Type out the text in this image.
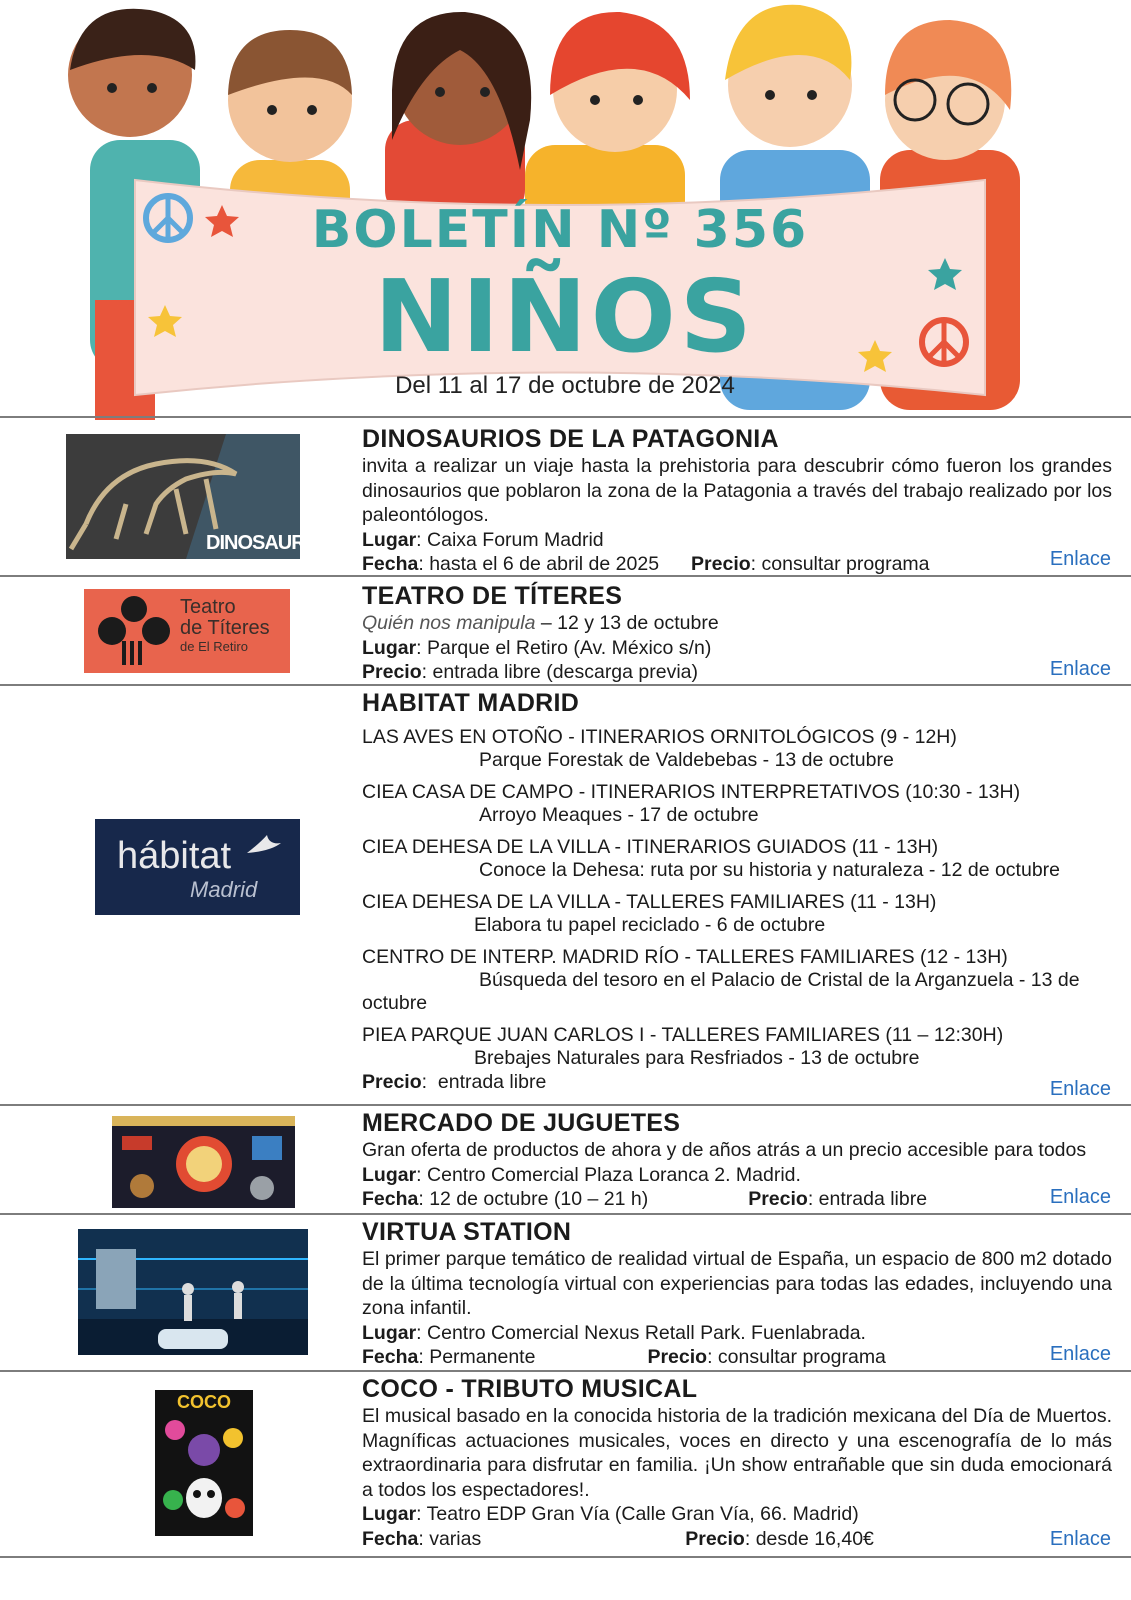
BOLETÍN Nº 356
NIÑOS
Del 11 al 17 de octubre de 2024
DINOSAURIO
DINOSAURIOS DE LA PATAGONIA
invita a realizar un viaje hasta la prehistoria para descubrir cómo fueron los grandes dinosaurios que poblaron la zona de la Patagonia a través del trabajo realizado por los paleontólogos.
Lugar: Caixa Forum Madrid
Fecha: hasta el 6 de abril de 2025 Precio: consultar programa	Enlace
Teatro
de Títeres
de El Retiro
TEATRO DE TÍTERES
Quién nos manipula – 12 y 13 de octubre
Lugar: Parque el Retiro (Av. México s/n)
Precio: entrada libre (descarga previa)	Enlace
hábitat
Madrid
HABITAT MADRID
LAS AVES EN OTOÑO - ITINERARIOS ORNITOLÓGICOS (9 - 12H)
Parque Forestak de Valdebebas - 13 de octubre
CIEA CASA DE CAMPO - ITINERARIOS INTERPRETATIVOS (10:30 - 13H)
Arroyo Meaques - 17 de octubre
CIEA DEHESA DE LA VILLA - ITINERARIOS GUIADOS (11 - 13H)
Conoce la Dehesa: ruta por su historia y naturaleza - 12 de octubre
CIEA DEHESA DE LA VILLA - TALLERES FAMILIARES (11 - 13H)
Elabora tu papel reciclado - 6 de octubre
CENTRO DE INTERP. MADRID RÍO - TALLERES FAMILIARES (12 - 13H)
Búsqueda del tesoro en el Palacio de Cristal de la Arganzuela - 13 de octubre
PIEA PARQUE JUAN CARLOS I - TALLERES FAMILIARES (11 – 12:30H)
Brebajes Naturales para Resfriados - 13 de octubre
Precio:  entrada libre	Enlace
MERCADO DE JUGUETES
Gran oferta de productos de ahora y de años atrás a un precio accesible para todos
Lugar: Centro Comercial Plaza Loranca 2. Madrid.
Fecha: 12 de octubre (10 – 21 h)	Precio: entrada libre	Enlace
VIRTUA STATION
El primer parque temático de realidad virtual de España, un espacio de 800 m2 dotado de la última tecnología virtual con experiencias para todas las edades, incluyendo una zona infantil.
Lugar: Centro Comercial Nexus Retall Park. Fuenlabrada.
Fecha: Permanente	Precio: consultar programa	Enlace
COCO	COCO - TRIBUTO MUSICAL
El musical basado en la conocida historia de la tradición mexicana del Día de Muertos. Magníficas actuaciones musicales, voces en directo y una escenografía de lo más extraordinaria para disfrutar en familia. ¡Un show entrañable que sin duda emocionará a todos los espectadores!.
Lugar: Teatro EDP Gran Vía (Calle Gran Vía, 66. Madrid)
Fecha: varias	Precio: desde 16,40€	Enlace
